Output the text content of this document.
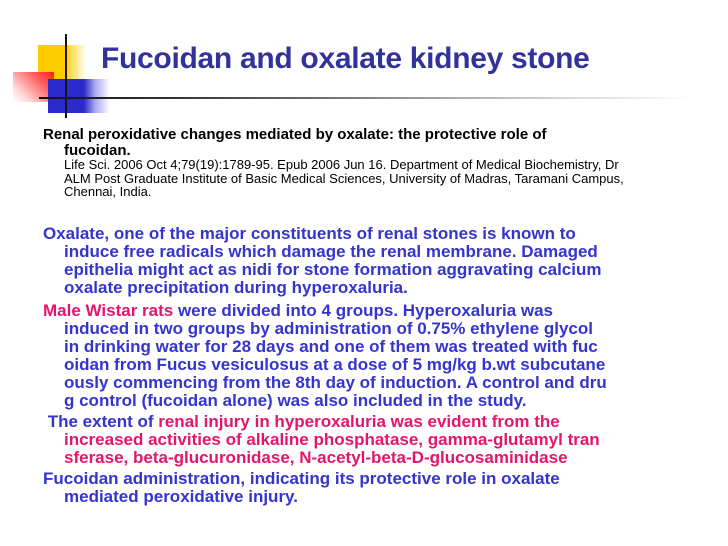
Fucoidan and oxalate kidney stone
Renal peroxidative changes mediated by oxalate: the protective role of
fucoidan.
Life Sci. 2006 Oct 4;79(19):1789-95. Epub 2006 Jun 16. Department of Medical Biochemistry, Dr
ALM Post Graduate Institute of Basic Medical Sciences, University of Madras, Taramani Campus,
Chennai, India.
Oxalate, one of the major constituents of renal stones is known to
induce free radicals which damage the renal membrane. Damaged
epithelia might act as nidi for stone formation aggravating calcium
oxalate precipitation during hyperoxaluria.
Male Wistar rats were divided into 4 groups. Hyperoxaluria was
induced in two groups by administration of 0.75% ethylene glycol
in drinking water for 28 days and one of them was treated with fuc
oidan from Fucus vesiculosus at a dose of 5 mg/kg b.wt subcutane
ously commencing from the 8th day of induction. A control and dru
g control (fucoidan alone) was also included in the study.
The extent of renal injury in hyperoxaluria was evident from the
increased activities of alkaline phosphatase, gamma-glutamyl tran
sferase, beta-glucuronidase, N-acetyl-beta-D-glucosaminidase
Fucoidan administration, indicating its protective role in oxalate
mediated peroxidative injury.
